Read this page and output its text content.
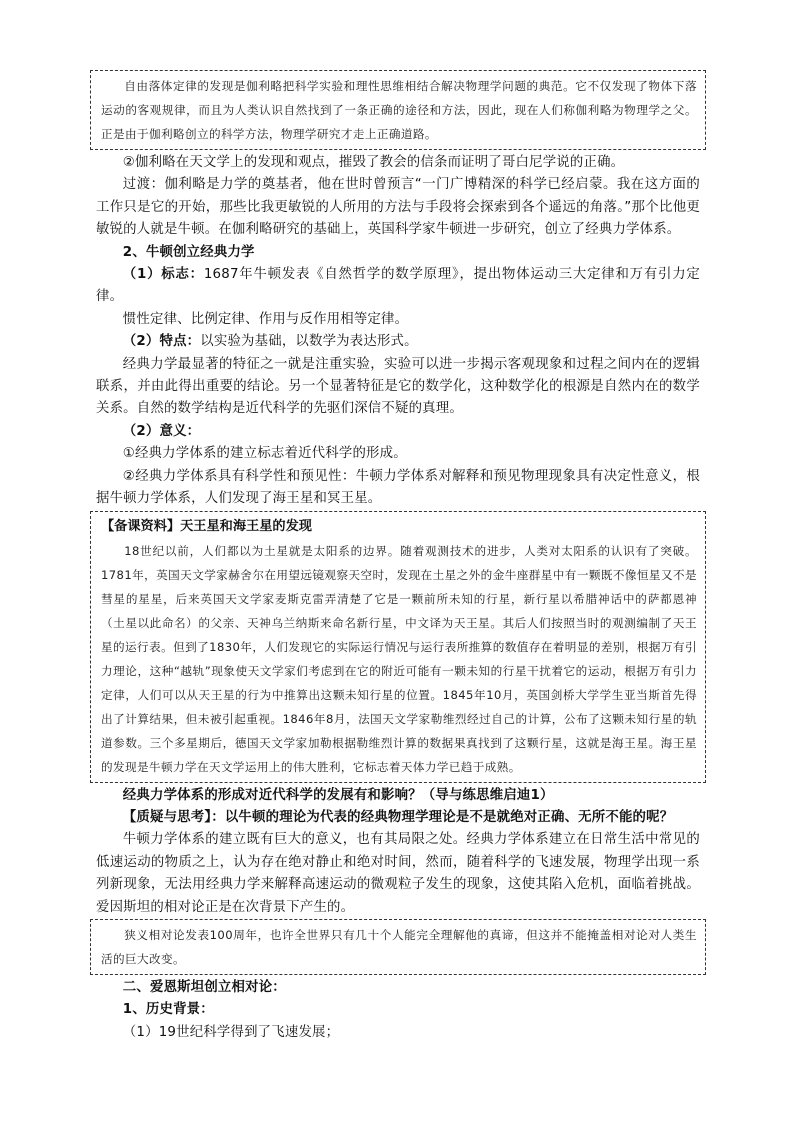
自由落体定律的发现是伽利略把科学实验和理性思维相结合解决物理学问题的典范。它不仅发现了物体下落运动的客观规律，而且为人类认识自然找到了一条正确的途径和方法，因此，现在人们称伽利略为物理学之父。正是由于伽利略创立的科学方法，物理学研究才走上正确道路。

②伽利略在天文学上的发现和观点，摧毁了教会的信条而证明了哥白尼学说的正确。

过渡：伽利略是力学的奠基者，他在世时曾预言“一门广博精深的科学已经启蒙。我在这方面的工作只是它的开始，那些比我更敏锐的人所用的方法与手段将会探索到各个遥远的角落。”那个比他更敏锐的人就是牛顿。在伽利略研究的基础上，英国科学家牛顿进一步研究，创立了经典力学体系。

2、牛顿创立经典力学

（1）标志：1687年牛顿发表《自然哲学的数学原理》，提出物体运动三大定律和万有引力定律。

惯性定律、比例定律、作用与反作用相等定律。

（2）特点：以实验为基础，以数学为表达形式。

经典力学最显著的特征之一就是注重实验，实验可以进一步揭示客观现象和过程之间内在的逻辑联系，并由此得出重要的结论。另一个显著特征是它的数学化，这种数学化的根源是自然内在的数学关系。自然的数学结构是近代科学的先驱们深信不疑的真理。

（2）意义：

①经典力学体系的建立标志着近代科学的形成。

②经典力学体系具有科学性和预见性：牛顿力学体系对解释和预见物理现象具有决定性意义，根据牛顿力学体系，人们发现了海王星和冥王星。

【备课资料】天王星和海王星的发现

18世纪以前，人们都以为土星就是太阳系的边界。随着观测技术的进步，人类对太阳系的认识有了突破。1781年，英国天文学家赫舍尔在用望远镜观察天空时，发现在土星之外的金牛座群星中有一颗既不像恒星又不是彗星的星星，后来英国天文学家麦斯克雷弄清楚了它是一颗前所未知的行星，新行星以希腊神话中的萨都恩神（土星以此命名）的父亲、天神乌兰纳斯来命名新行星，中文译为天王星。其后人们按照当时的观测编制了天王星的运行表。但到了1830年，人们发现它的实际运行情况与运行表所推算的数值存在着明显的差别，根据万有引力理论，这种“越轨”现象使天文学家们考虑到在它的附近可能有一颗未知的行星干扰着它的运动，根据万有引力定律，人们可以从天王星的行为中推算出这颗未知行星的位置。1845年10月，英国剑桥大学学生亚当斯首先得出了计算结果，但未被引起重视。1846年8月，法国天文学家勒维烈经过自己的计算，公布了这颗未知行星的轨道参数。三个多星期后，德国天文学家加勒根据勒维烈计算的数据果真找到了这颗行星，这就是海王星。海王星的发现是牛顿力学在天文学运用上的伟大胜利，它标志着天体力学已趋于成熟。

经典力学体系的形成对近代科学的发展有和影响？（导与练思维启迪1）

【质疑与思考】：以牛顿的理论为代表的经典物理学理论是不是就绝对正确、无所不能的呢？

牛顿力学体系的建立既有巨大的意义，也有其局限之处。经典力学体系建立在日常生活中常见的低速运动的物质之上，认为存在绝对静止和绝对时间，然而，随着科学的飞速发展，物理学出现一系列新现象，无法用经典力学来解释高速运动的微观粒子发生的现象，这使其陷入危机，面临着挑战。爱因斯坦的相对论正是在次背景下产生的。

狭义相对论发表100周年，也许全世界只有几十个人能完全理解他的真谛，但这并不能掩盖相对论对人类生活的巨大改变。

二、爱恩斯坦创立相对论：

1、历史背景：

（1）19世纪科学得到了飞速发展；
